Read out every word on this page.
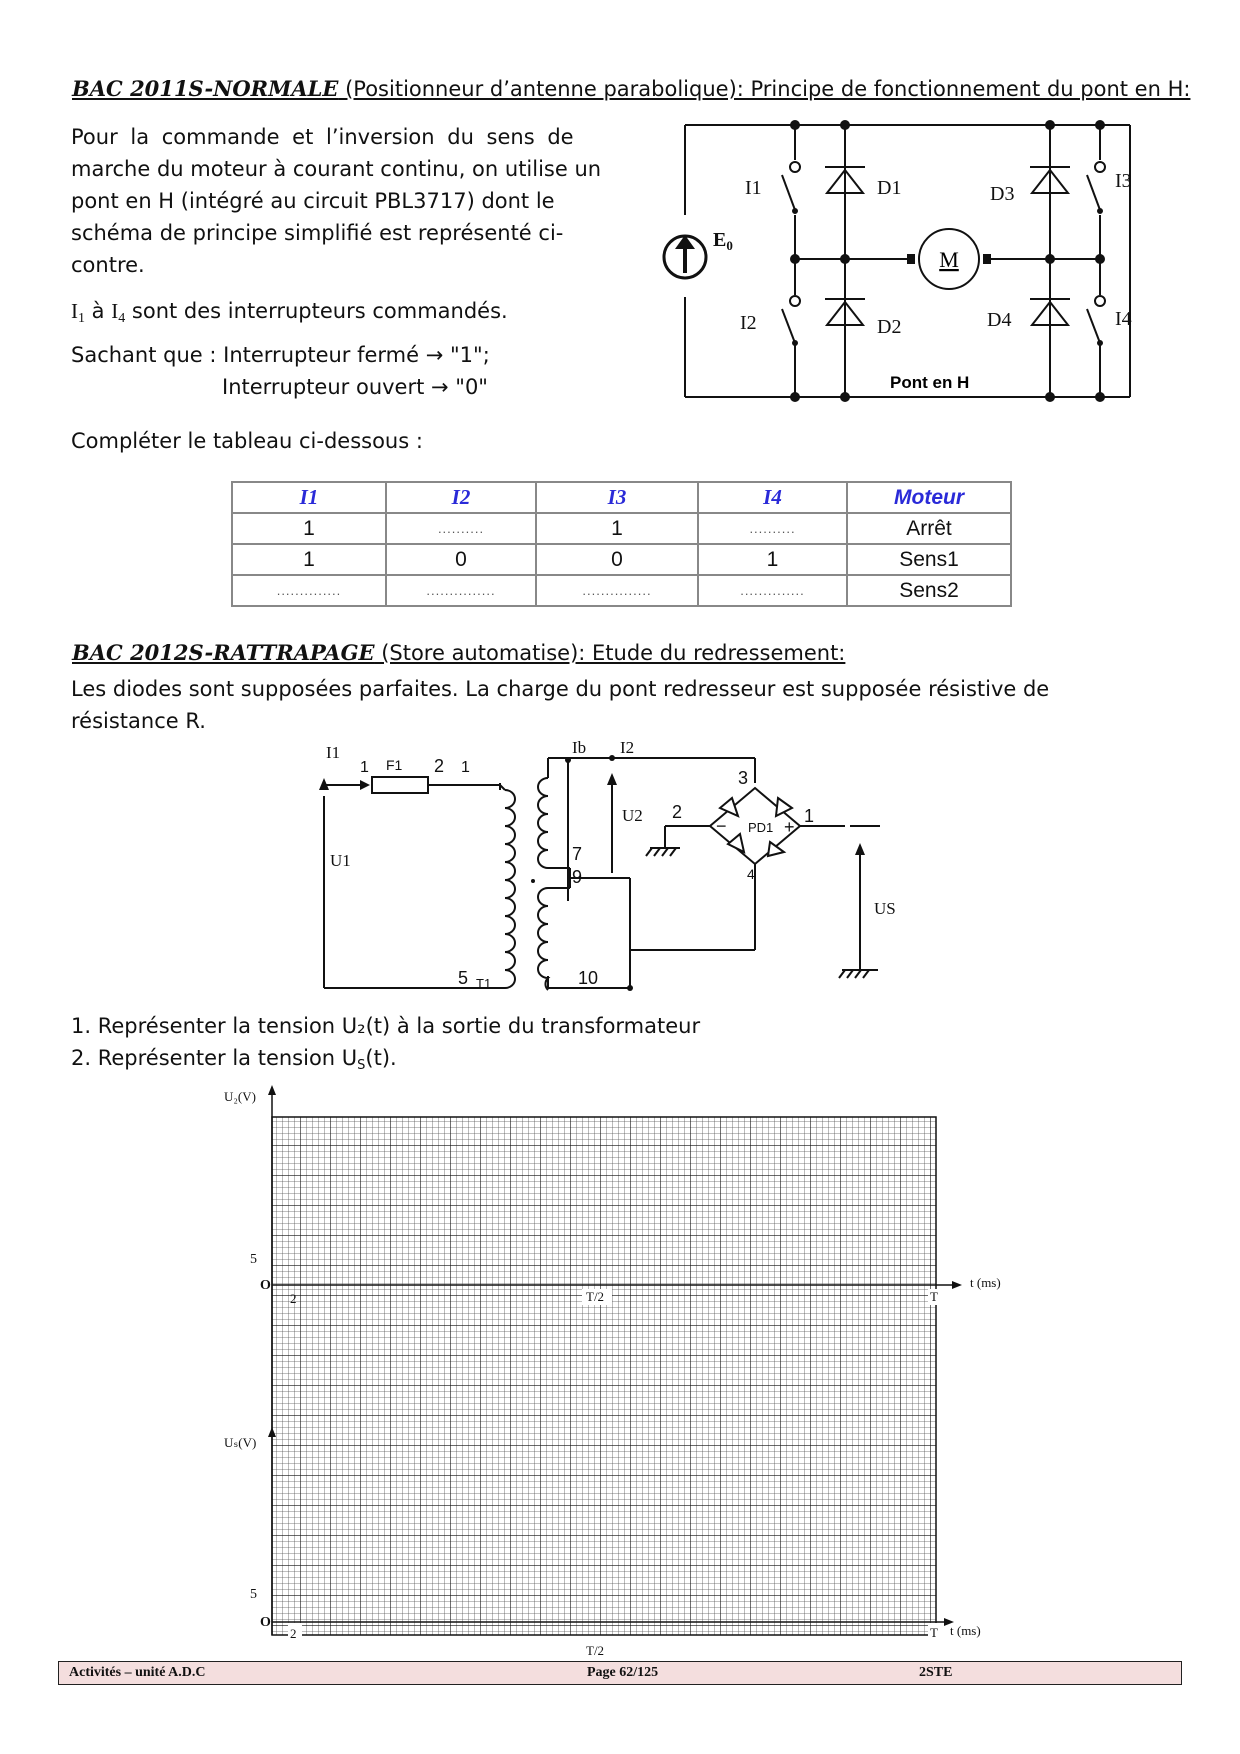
BAC 2011S-NORMALE (Positionneur d’antenne parabolique): Principe de fonctionnement du pont en H:
Pour la commande et l’inversion du sens de
marche du moteur à courant continu, on utilise un
pont en H (intégré au circuit PBL3717) dont le
schéma de principe simplifié est représenté ci-
contre.
$I_1$ à $I_4$ sont des interrupteurs commandés.
Sachant que : Interrupteur fermé → "1";
Interrupteur ouvert → "0"
Compléter le tableau ci-dessous :
M
$E_0$
I1
I2
I3
I4
D1
D2
D3
D4
Pont en H
I1	I2	I3	I4	Moteur
1	..........	1	..........	Arrêt
1	0	0	1	Sens1
..............	...............	...............	..............	Sens2
BAC 2012S-RATTRAPAGE (Store automatise): Etude du redressement:
Les diodes sont supposées parfaites. La charge du pont redresseur est supposée résistive de
résistance R.
I1
U1
Ib I2
U2
US
F1
1	2 1
3
2
7
9
PD1
1
−	+
4
5 T1	10
1. Représenter la tension U₂(t) à la sortie du transformateur
2. Représenter la tension $U_S(t)$.
U₂(V)
5
O
2	T/2	T
t (ms)
Uₛ(V)
5
O
2
T/2
T t (ms)
Activités – unité A.D.C	Page 62/125	2STE
